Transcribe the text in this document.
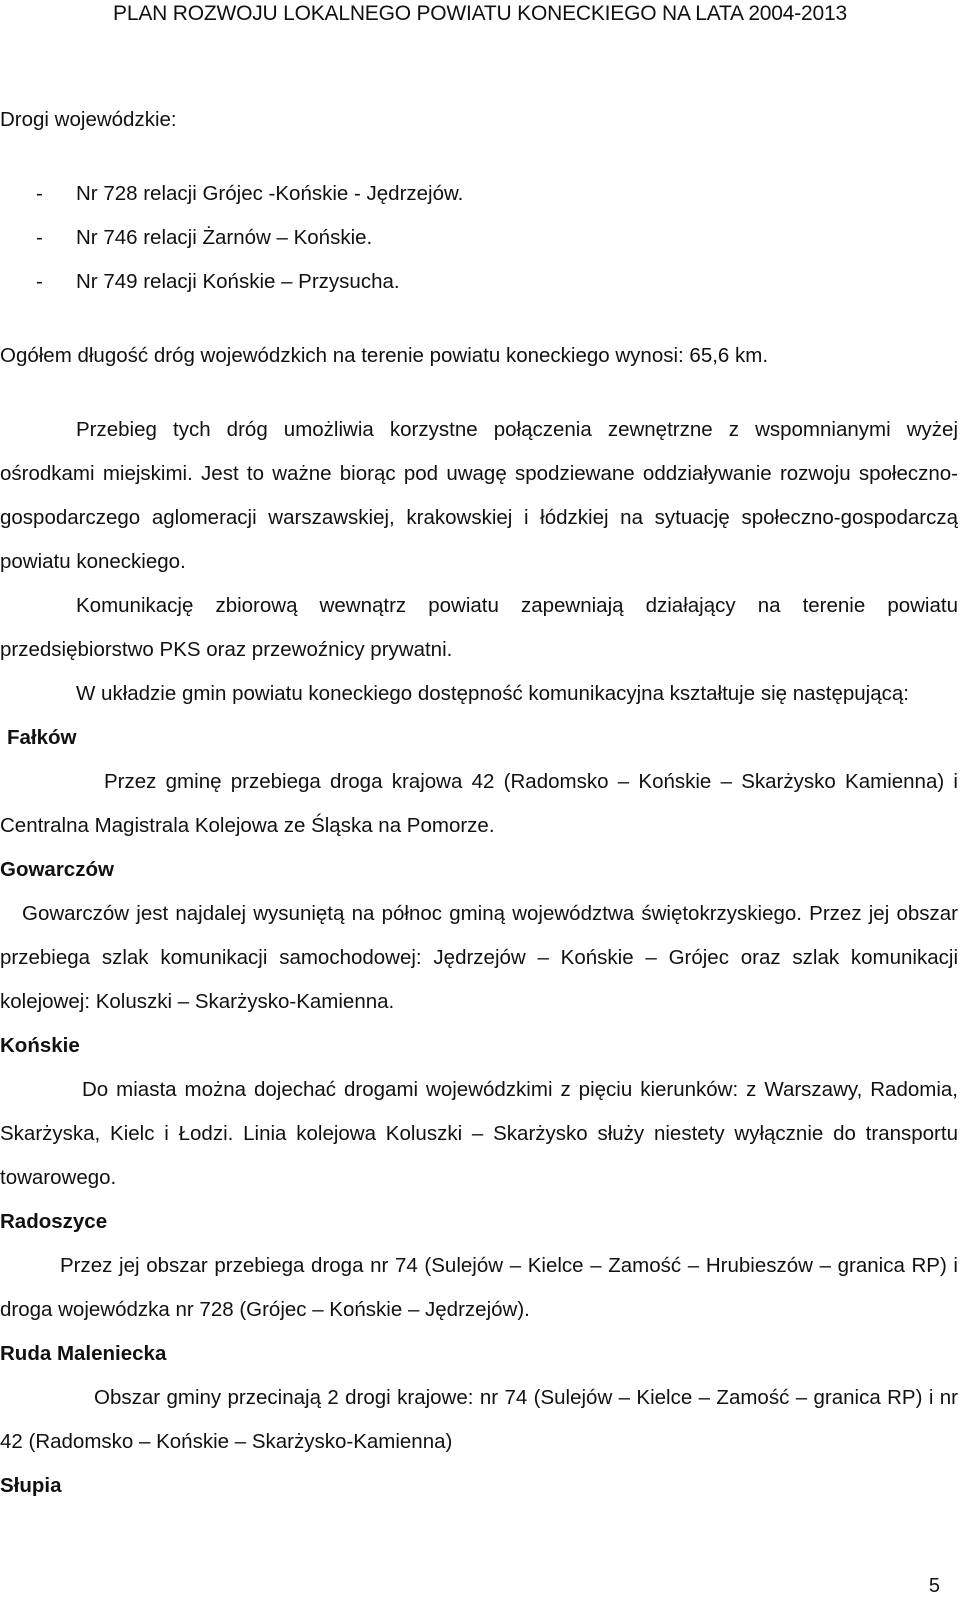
PLAN ROZWOJU LOKALNEGO POWIATU KONECKIEGO NA LATA 2004-2013

Drogi wojewódzkie:

- Nr 728 relacji Grójec -Końskie - Jędrzejów.
- Nr 746 relacji Żarnów – Końskie.
- Nr 749 relacji Końskie – Przysucha.

Ogółem długość dróg wojewódzkich na terenie powiatu koneckiego wynosi: 65,6 km.

Przebieg tych dróg umożliwia korzystne połączenia zewnętrzne z wspomnianymi wyżej ośrodkami miejskimi. Jest to ważne biorąc pod uwagę spodziewane oddziaływanie rozwoju społeczno-gospodarczego aglomeracji warszawskiej, krakowskiej i łódzkiej na sytuację społeczno-gospodarczą powiatu koneckiego.

Komunikację zbiorową wewnątrz powiatu zapewniają działający na terenie powiatu przedsiębiorstwo PKS oraz przewoźnicy prywatni.

W układzie gmin powiatu koneckiego dostępność komunikacyjna kształtuje się następującą:

Fałków

Przez gminę przebiega droga krajowa 42 (Radomsko – Końskie – Skarżysko Kamienna) i Centralna Magistrala Kolejowa ze Śląska na Pomorze.

Gowarczów

Gowarczów jest najdalej wysuniętą na północ gminą województwa świętokrzyskiego. Przez jej obszar przebiega szlak komunikacji samochodowej: Jędrzejów – Końskie – Grójec oraz szlak komunikacji kolejowej: Koluszki – Skarżysko-Kamienna.

Końskie

Do miasta można dojechać drogami wojewódzkimi z pięciu kierunków: z Warszawy, Radomia, Skarżyska, Kielc i Łodzi. Linia kolejowa Koluszki – Skarżysko służy niestety wyłącznie do transportu towarowego.

Radoszyce

Przez jej obszar przebiega droga nr 74 (Sulejów – Kielce – Zamość – Hrubieszów – granica RP) i droga wojewódzka nr 728 (Grójec – Końskie – Jędrzejów).

Ruda Maleniecka

Obszar gminy przecinają 2 drogi krajowe: nr 74 (Sulejów – Kielce – Zamość – granica RP) i nr 42 (Radomsko – Końskie – Skarżysko-Kamienna)

Słupia

5
